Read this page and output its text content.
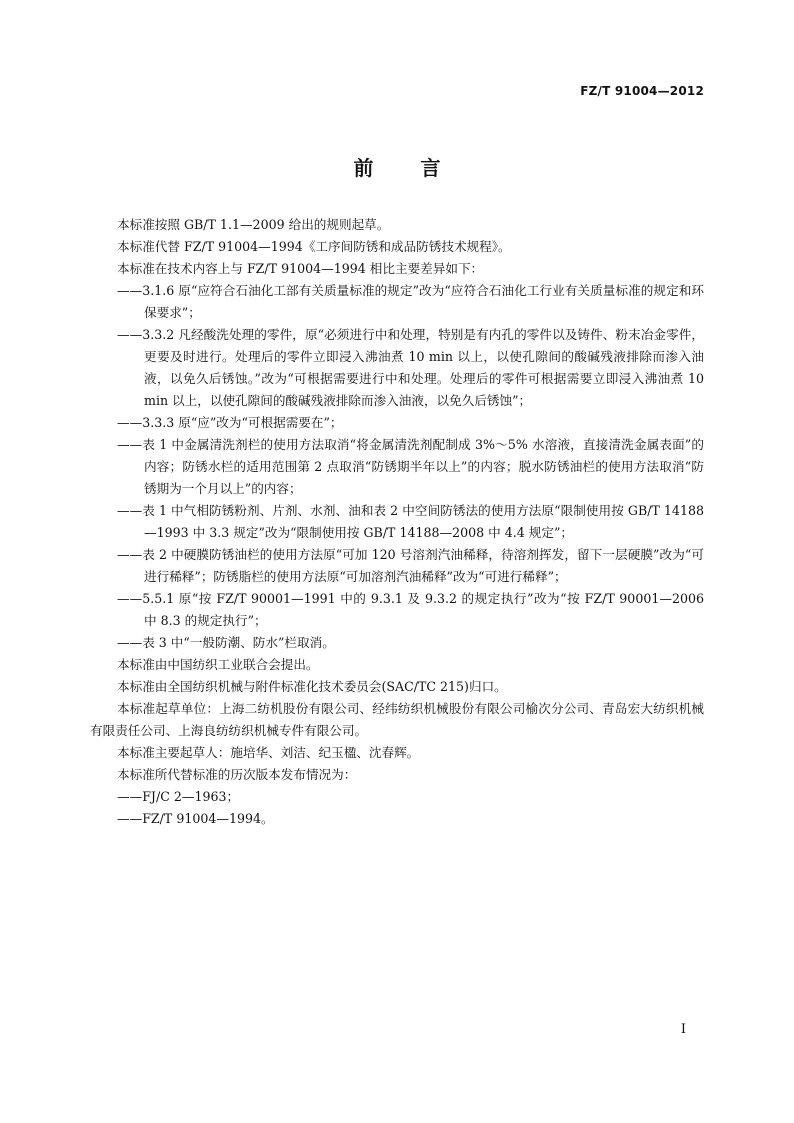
FZ/T 91004—2012
前 言

本标准按照 GB/T 1.1—2009 给出的规则起草。

本标准代替 FZ/T 91004—1994《工序间防锈和成品防锈技术规程》。

本标准在技术内容上与 FZ/T 91004—1994 相比主要差异如下：

——3.1.6 原“应符合石油化工部有关质量标准的规定”改为“应符合石油化工行业有关质量标准的规定和环保要求”；

——3.3.2 凡经酸洗处理的零件，原“必须进行中和处理，特别是有内孔的零件以及铸件、粉末冶金零件，更要及时进行。处理后的零件立即浸入沸油煮 10 min 以上，以使孔隙间的酸碱残液排除而渗入油液，以免久后锈蚀。”改为“可根据需要进行中和处理。处理后的零件可根据需要立即浸入沸油煮 10 min 以上，以使孔隙间的酸碱残液排除而渗入油液，以免久后锈蚀”；

——3.3.3 原“应”改为“可根据需要在”；

——表 1 中金属清洗剂栏的使用方法取消“将金属清洗剂配制成 3%～5% 水溶液，直接清洗金属表面”的内容；防锈水栏的适用范围第 2 点取消“防锈期半年以上”的内容；脱水防锈油栏的使用方法取消“防锈期为一个月以上”的内容；

——表 1 中气相防锈粉剂、片剂、水剂、油和表 2 中空间防锈法的使用方法原“限制使用按 GB/T 14188—1993 中 3.3 规定”改为“限制使用按 GB/T 14188—2008 中 4.4 规定”；

——表 2 中硬膜防锈油栏的使用方法原“可加 120 号溶剂汽油稀释，待溶剂挥发，留下一层硬膜”改为“可进行稀释”；防锈脂栏的使用方法原“可加溶剂汽油稀释”改为“可进行稀释”；

——5.5.1 原“按 FZ/T 90001—1991 中的 9.3.1 及 9.3.2 的规定执行”改为“按 FZ/T 90001—2006 中 8.3 的规定执行”；

——表 3 中“一般防潮、防水”栏取消。

本标准由中国纺织工业联合会提出。

本标准由全国纺织机械与附件标准化技术委员会(SAC/TC 215)归口。

本标准起草单位：上海二纺机股份有限公司、经纬纺织机械股份有限公司榆次分公司、青岛宏大纺织机械有限责任公司、上海良纺纺织机械专件有限公司。

本标准主要起草人：施培华、刘洁、纪玉楹、沈春辉。

本标准所代替标准的历次版本发布情况为：

——FJ/C 2—1963；

——FZ/T 91004—1994。

I
